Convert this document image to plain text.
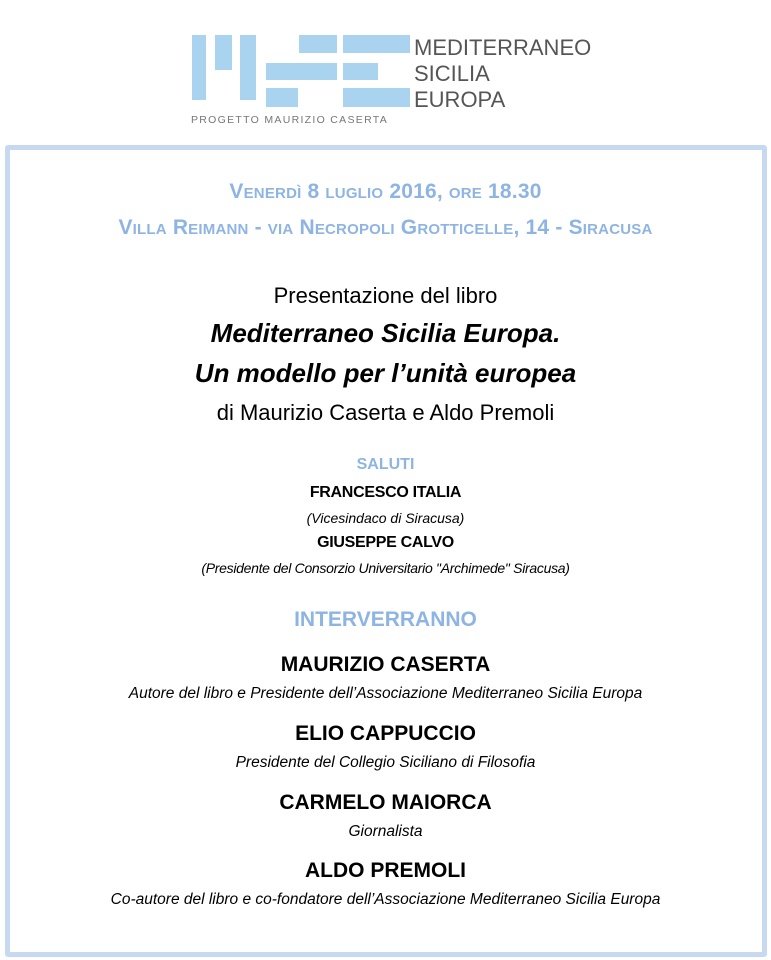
MEDITERRANEO
SICILIA
EUROPA
PROGETTO MAURIZIO CASERTA
Venerdì 8 luglio 2016, ore 18.30
Villa Reimann - via Necropoli Grotticelle, 14 - Siracusa
Presentazione del libro
Mediterraneo Sicilia Europa.
Un modello per l’unità europea
di Maurizio Caserta e Aldo Premoli
SALUTI
FRANCESCO ITALIA
(Vicesindaco di Siracusa)
GIUSEPPE CALVO
(Presidente del Consorzio Universitario "Archimede" Siracusa)
INTERVERRANNO
MAURIZIO CASERTA
Autore del libro e Presidente dell’Associazione Mediterraneo Sicilia Europa
ELIO CAPPUCCIO
Presidente del Collegio Siciliano di Filosofia
CARMELO MAIORCA
Giornalista
ALDO PREMOLI
Co-autore del libro e co-fondatore dell’Associazione Mediterraneo Sicilia Europa
